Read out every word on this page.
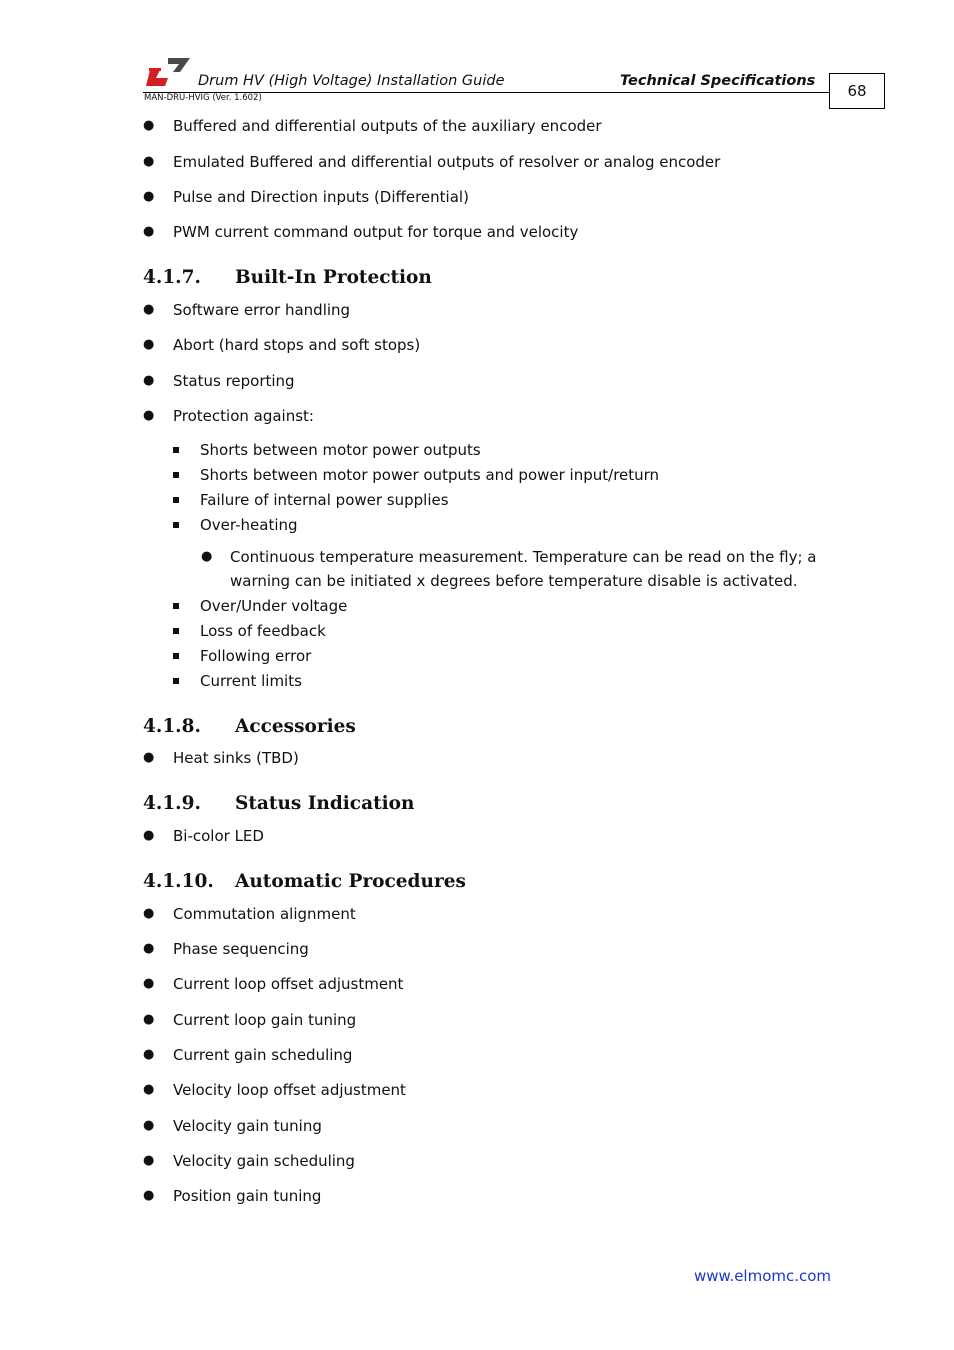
Drum HV (High Voltage) Installation Guide	Technical Specifications
MAN-DRU-HVIG (Ver. 1.602)	68
● Buffered and differential outputs of the auxiliary encoder
● Emulated Buffered and differential outputs of resolver or analog encoder
● Pulse and Direction inputs (Differential)
● PWM current command output for torque and velocity
4.1.7. Built-In Protection
● Software error handling
● Abort (hard stops and soft stops)
● Status reporting
● Protection against:
Shorts between motor power outputs
Shorts between motor power outputs and power input/return
Failure of internal power supplies
Over-heating
● Continuous temperature measurement. Temperature can be read on the fly; a
warning can be initiated x degrees before temperature disable is activated.
Over/Under voltage
Loss of feedback
Following error
Current limits
4.1.8. Accessories
● Heat sinks (TBD)
4.1.9. Status Indication
● Bi-color LED
4.1.10. Automatic Procedures
● Commutation alignment
● Phase sequencing
● Current loop offset adjustment
● Current loop gain tuning
● Current gain scheduling
● Velocity loop offset adjustment
● Velocity gain tuning
● Velocity gain scheduling
● Position gain tuning
www.elmomc.com
